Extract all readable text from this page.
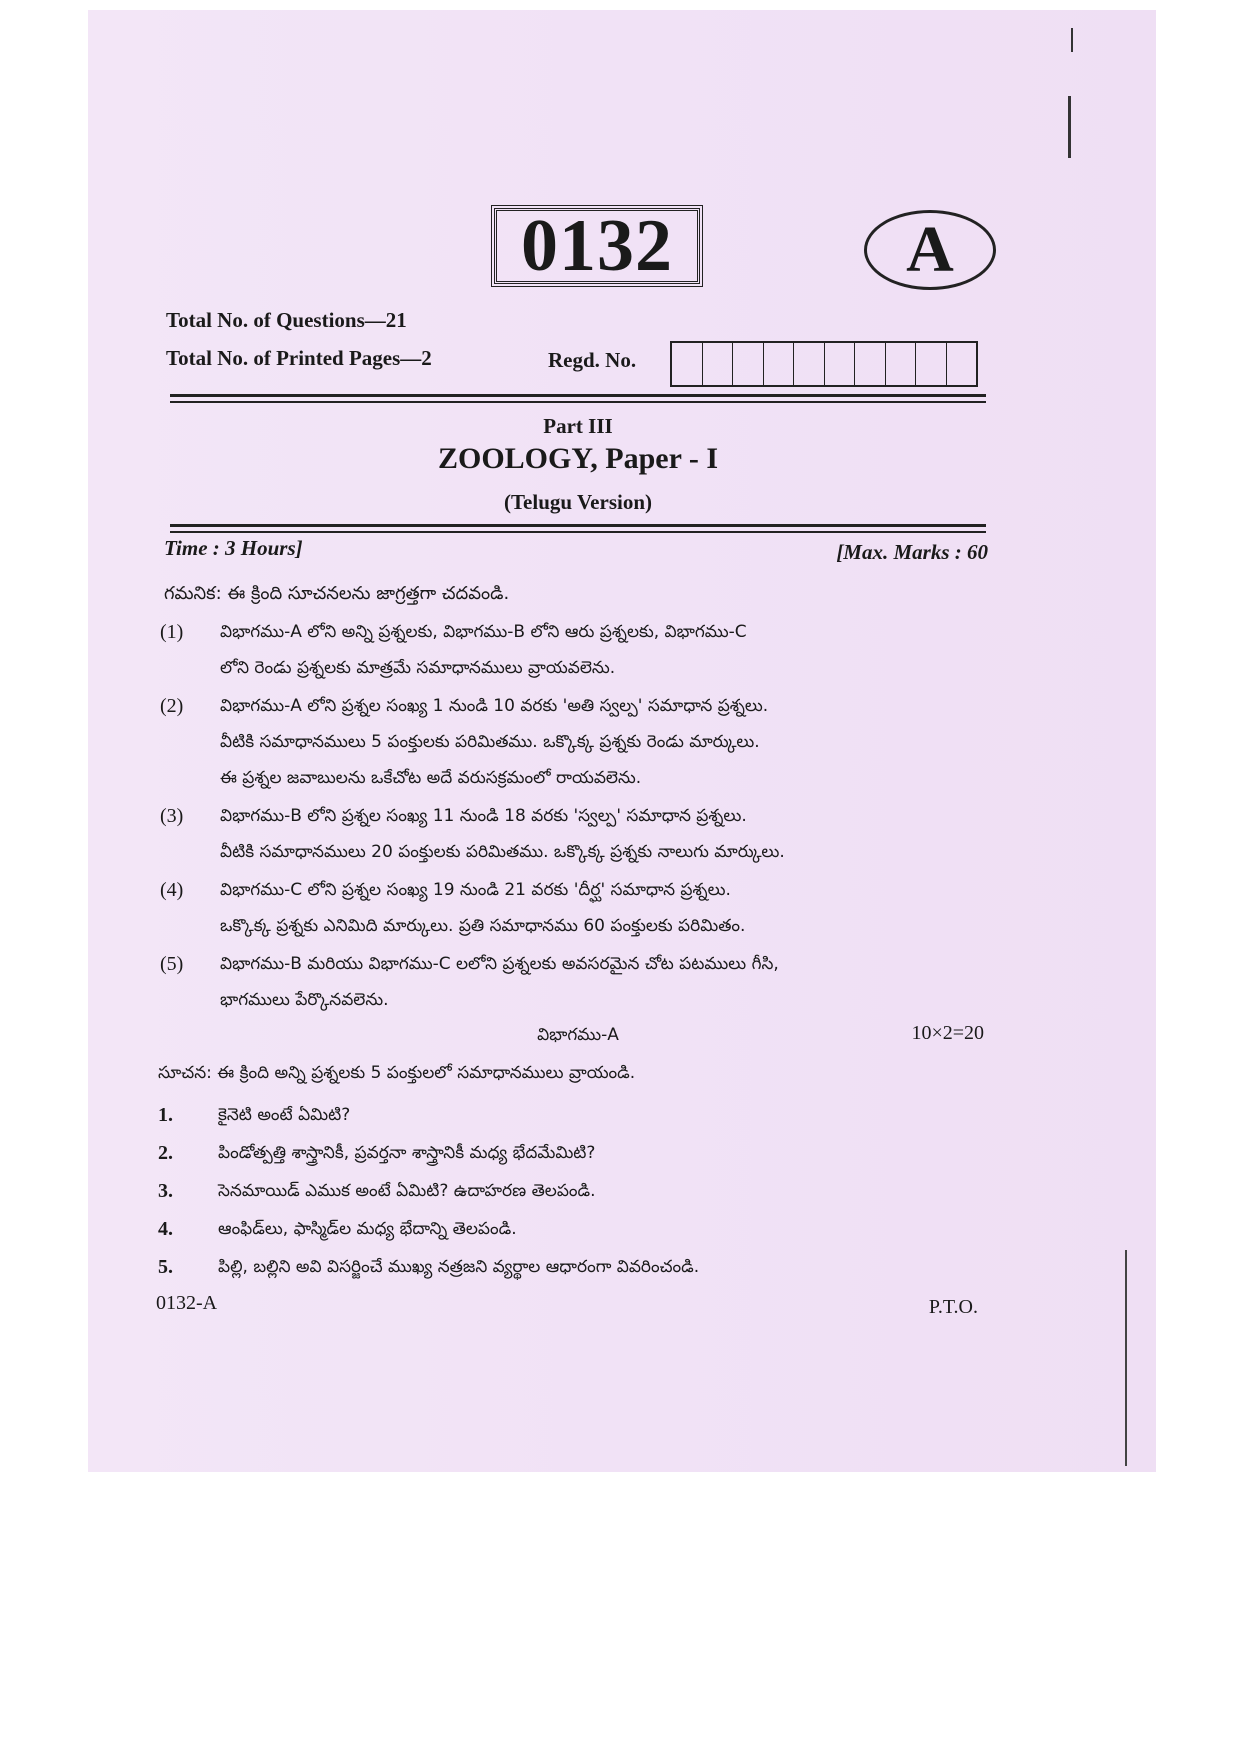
0132	A
Total No. of Questions—21
Total No. of Printed Pages—2	Regd. No.
Part III
ZOOLOGY, Paper - I
(Telugu Version)
Time : 3 Hours]	[Max. Marks : 60
గమనిక: ఈ క్రింది సూచనలను జాగ్రత్తగా చదవండి.
(1)	విభాగము-A లోని అన్ని ప్రశ్నలకు, విభాగము-B లోని ఆరు ప్రశ్నలకు, విభాగము-C
లోని రెండు ప్రశ్నలకు మాత్రమే సమాధానములు వ్రాయవలెను.
(2)	విభాగము-A లోని ప్రశ్నల సంఖ్య 1 నుండి 10 వరకు 'అతి స్వల్ప' సమాధాన ప్రశ్నలు.
వీటికి సమాధానములు 5 పంక్తులకు పరిమితము. ఒక్కొక్క ప్రశ్నకు రెండు మార్కులు.
ఈ ప్రశ్నల జవాబులను ఒకేచోట అదే వరుసక్రమంలో రాయవలెను.
(3)	విభాగము-B లోని ప్రశ్నల సంఖ్య 11 నుండి 18 వరకు 'స్వల్ప' సమాధాన ప్రశ్నలు.
వీటికి సమాధానములు 20 పంక్తులకు పరిమితము. ఒక్కొక్క ప్రశ్నకు నాలుగు మార్కులు.
(4)	విభాగము-C లోని ప్రశ్నల సంఖ్య 19 నుండి 21 వరకు 'దీర్ఘ' సమాధాన ప్రశ్నలు.
ఒక్కొక్క ప్రశ్నకు ఎనిమిది మార్కులు. ప్రతి సమాధానము 60 పంక్తులకు పరిమితం.
(5)	విభాగము-B మరియు విభాగము-C లలోని ప్రశ్నలకు అవసరమైన చోట పటములు గీసి,
భాగములు పేర్కొనవలెను.
విభాగము-A	10×2=20
సూచన: ఈ క్రింది అన్ని ప్రశ్నలకు 5 పంక్తులలో సమాధానములు వ్రాయండి.
1.	కైనెటి అంటే ఏమిటి?
2.	పిండోత్పత్తి శాస్త్రానికీ, ప్రవర్తనా శాస్త్రానికీ మధ్య భేదమేమిటి?
3.	సెనమాయిడ్ ఎముక అంటే ఏమిటి? ఉదాహరణ తెలపండి.
4.	ఆంఫిడ్‌లు, ఫాస్మిడ్‌ల మధ్య భేదాన్ని తెలపండి.
5.	పిల్లి, బల్లిని అవి విసర్జించే ముఖ్య నత్రజని వ్యర్థాల ఆధారంగా వివరించండి.
0132-A	P.T.O.
